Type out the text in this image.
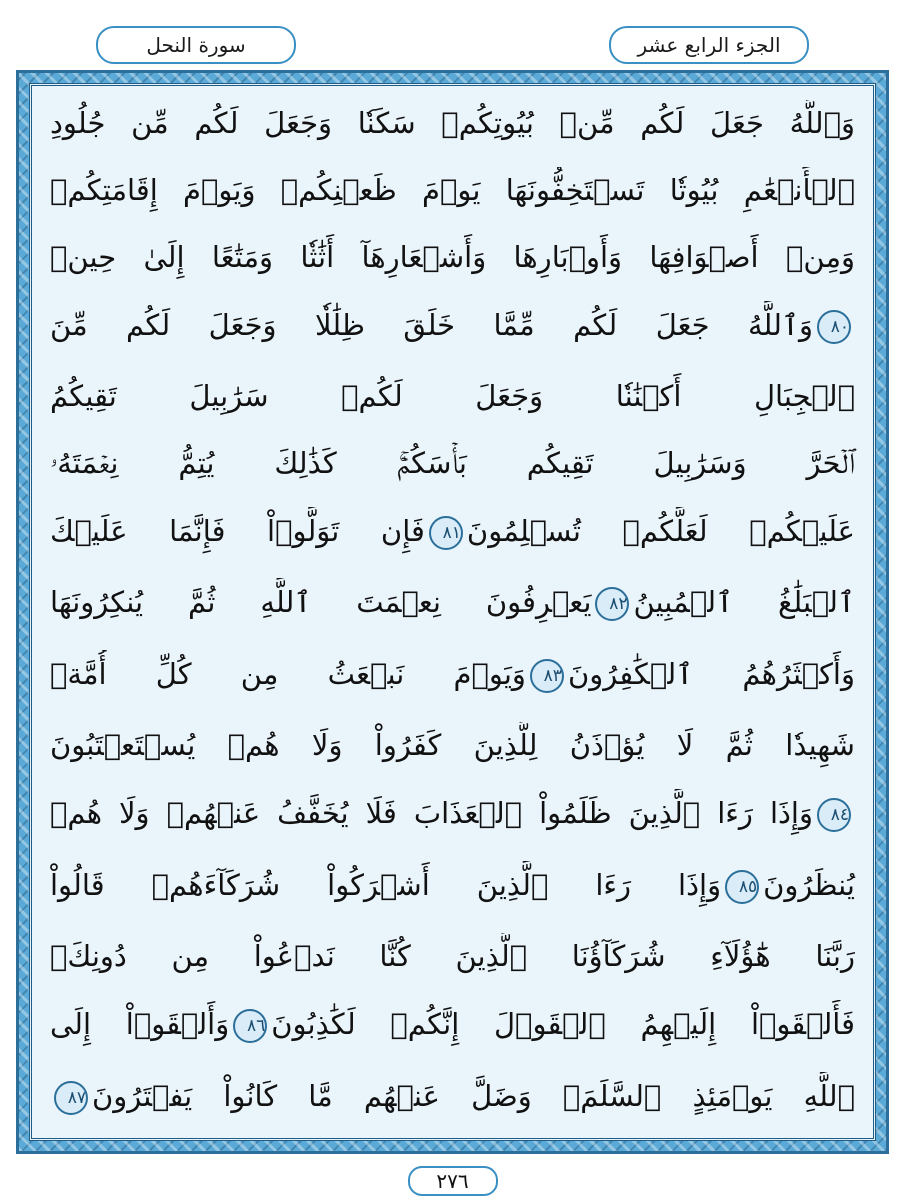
سورة النحل	الجزء الرابع عشر
وَٱللَّهُ جَعَلَ لَكُم مِّنۢ بُيُوتِكُمۡ سَكَنٗا وَجَعَلَ لَكُم مِّن جُلُودِ
ٱلۡأَنۡعَٰمِ بُيُوتٗا تَسۡتَخِفُّونَهَا يَوۡمَ ظَعۡنِكُمۡ وَيَوۡمَ إِقَامَتِكُمۡ
وَمِنۡ أَصۡوَافِهَا وَأَوۡبَارِهَا وَأَشۡعَارِهَآ أَثَٰثٗا وَمَتَٰعًا إِلَىٰ حِينٖ
٨٠وَٱللَّهُ جَعَلَ لَكُم مِّمَّا خَلَقَ ظِلَٰلٗا وَجَعَلَ لَكُم مِّنَ
ٱلۡجِبَالِ أَكۡنَٰنٗا وَجَعَلَ لَكُمۡ سَرَٰبِيلَ تَقِيكُمُ
ٱلۡحَرَّ وَسَرَٰبِيلَ تَقِيكُم بَأۡسَكُمۡۚ كَذَٰلِكَ يُتِمُّ نِعۡمَتَهُۥ
عَلَيۡكُمۡ لَعَلَّكُمۡ تُسۡلِمُونَ٨١فَإِن تَوَلَّوۡاْ فَإِنَّمَا عَلَيۡكَ
ٱلۡبَلَٰغُ ٱلۡمُبِينُ٨٢يَعۡرِفُونَ نِعۡمَتَ ٱللَّهِ ثُمَّ يُنكِرُونَهَا
وَأَكۡثَرُهُمُ ٱلۡكَٰفِرُونَ٨٣وَيَوۡمَ نَبۡعَثُ مِن كُلِّ أُمَّةٖ
شَهِيدٗا ثُمَّ لَا يُؤۡذَنُ لِلَّذِينَ كَفَرُواْ وَلَا هُمۡ يُسۡتَعۡتَبُونَ
٨٤وَإِذَا رَءَا ٱلَّذِينَ ظَلَمُواْ ٱلۡعَذَابَ فَلَا يُخَفَّفُ عَنۡهُمۡ وَلَا هُمۡ
يُنظَرُونَ٨٥وَإِذَا رَءَا ٱلَّذِينَ أَشۡرَكُواْ شُرَكَآءَهُمۡ قَالُواْ
رَبَّنَا هَٰٓؤُلَآءِ شُرَكَآؤُنَا ٱلَّذِينَ كُنَّا نَدۡعُواْ مِن دُونِكَۖ
فَأَلۡقَوۡاْ إِلَيۡهِمُ ٱلۡقَوۡلَ إِنَّكُمۡ لَكَٰذِبُونَ٨٦وَأَلۡقَوۡاْ إِلَى
ٱللَّهِ يَوۡمَئِذٍ ٱلسَّلَمَۖ وَضَلَّ عَنۡهُم مَّا كَانُواْ يَفۡتَرُونَ٨٧
٢٧٦
